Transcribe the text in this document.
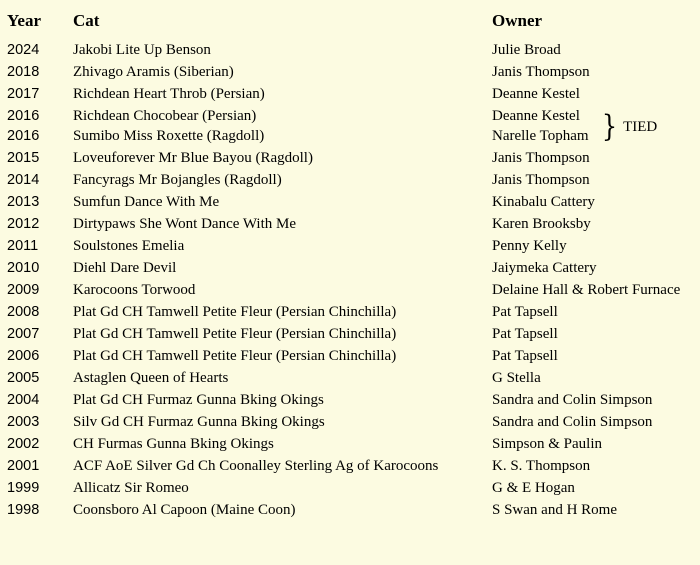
Year Cat	Owner
2024 Jakobi Lite Up Benson	Julie Broad
2018 Zhivago Aramis (Siberian)	Janis Thompson
2017 Richdean Heart Throb (Persian)	Deanne Kestel
2016 Richdean Chocobear (Persian)	Deanne Kestel
2016 Sumibo Miss Roxette (Ragdoll)	Narelle Topham
2015 Loveuforever Mr Blue Bayou (Ragdoll)	Janis Thompson
2014 Fancyrags Mr Bojangles (Ragdoll)	Janis Thompson
2013 Sumfun Dance With Me	Kinabalu Cattery
2012 Dirtypaws She Wont Dance With Me	Karen Brooksby
2011 Soulstones Emelia	Penny Kelly
2010 Diehl Dare Devil	Jaiymeka Cattery
2009 Karocoons Torwood	Delaine Hall & Robert Furnace
2008 Plat Gd CH Tamwell Petite Fleur (Persian Chinchilla)	Pat Tapsell
2007 Plat Gd CH Tamwell Petite Fleur (Persian Chinchilla)	Pat Tapsell
2006 Plat Gd CH Tamwell Petite Fleur (Persian Chinchilla)	Pat Tapsell
2005 Astaglen Queen of Hearts	G Stella
2004 Plat Gd CH Furmaz Gunna Bking Okings	Sandra and Colin Simpson
2003 Silv Gd CH Furmaz Gunna Bking Okings	Sandra and Colin Simpson
2002 CH Furmas Gunna Bking Okings	Simpson & Paulin
2001 ACF AoE Silver Gd Ch Coonalley Sterling Ag of Karocoons	K. S. Thompson
1999 Allicatz Sir Romeo	G & E Hogan
1998 Coonsboro Al Capoon (Maine Coon)	S Swan and H Rome
} TIED
